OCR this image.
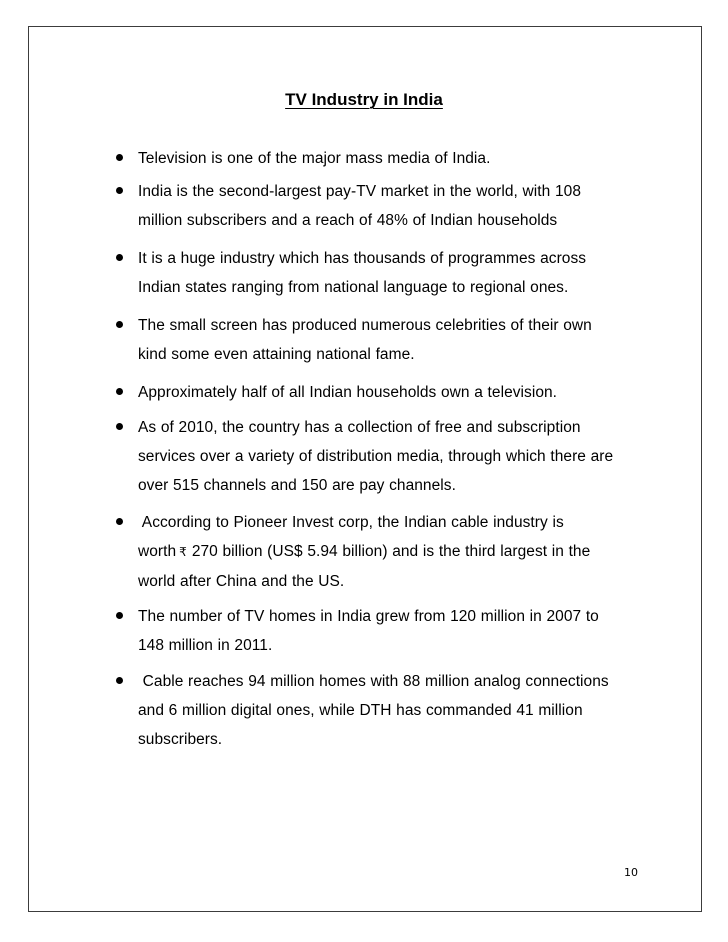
TV Industry in India
Television is one of the major mass media of India.
India is the second-largest pay-TV market in the world, with 108
million subscribers and a reach of 48% of Indian households
It is a huge industry which has thousands of programmes across
Indian states ranging from national language to regional ones.
The small screen has produced numerous celebrities of their own
kind some even attaining national fame.
Approximately half of all Indian households own a television.
As of 2010, the country has a collection of free and subscription
services over a variety of distribution media, through which there are
over 515 channels and 150 are pay channels.
According to Pioneer Invest corp, the Indian cable industry is
worth ₹ 270 billion (US$ 5.94 billion) and is the third largest in the
world after China and the US.
The number of TV homes in India grew from 120 million in 2007 to
148 million in 2011.
Cable reaches 94 million homes with 88 million analog connections
and 6 million digital ones, while DTH has commanded 41 million
subscribers.
10
